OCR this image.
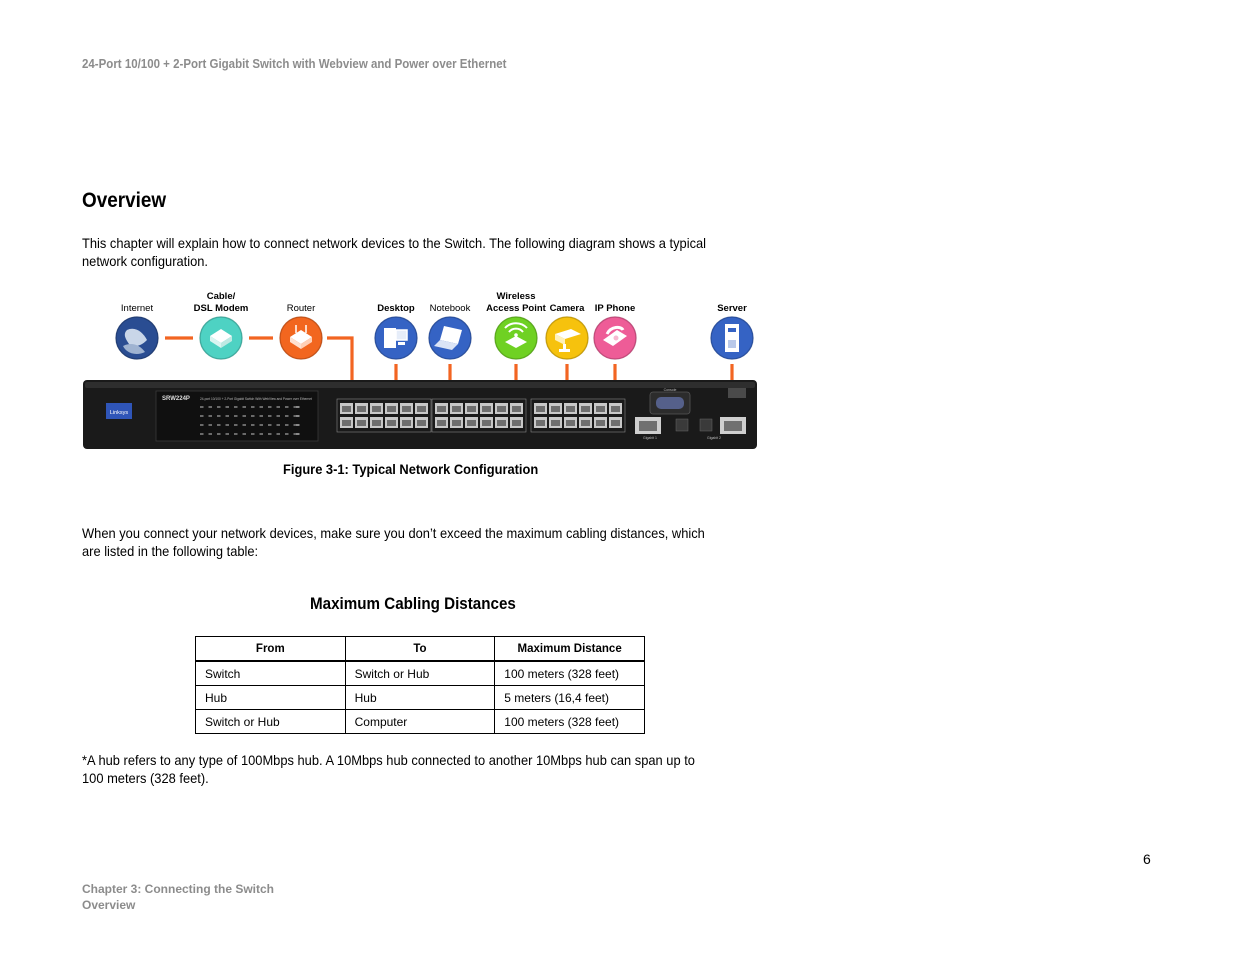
24-Port 10/100 + 2-Port Gigabit Switch with Webview and Power over Ethernet
Overview

This chapter will explain how to connect network devices to the Switch. The following diagram shows a typical network configuration.

Linksys
SRW224P	24-port 10/100 + 2-Port Gigabit Switch With WebView and Power over Ethernet
Console
Gigabit 1	Gigabit 2
Internet
Cable/
DSL Modem	Router	Desktop Notebook
Wireless
Access Point Camera IP Phone	Server
Figure 3-1: Typical Network Configuration

When you connect your network devices, make sure you don’t exceed the maximum cabling distances, which are listed in the following table:

Maximum Cabling Distances
From	To	Maximum Distance
Switch	Switch or Hub	100 meters (328 feet)
Hub	Hub	5 meters (16,4 feet)
Switch or Hub	Computer	100 meters (328 feet)

*A hub refers to any type of 100Mbps hub. A 10Mbps hub connected to another 10Mbps hub can span up to 100 meters (328 feet).

6
Chapter 3: Connecting the Switch
Overview
